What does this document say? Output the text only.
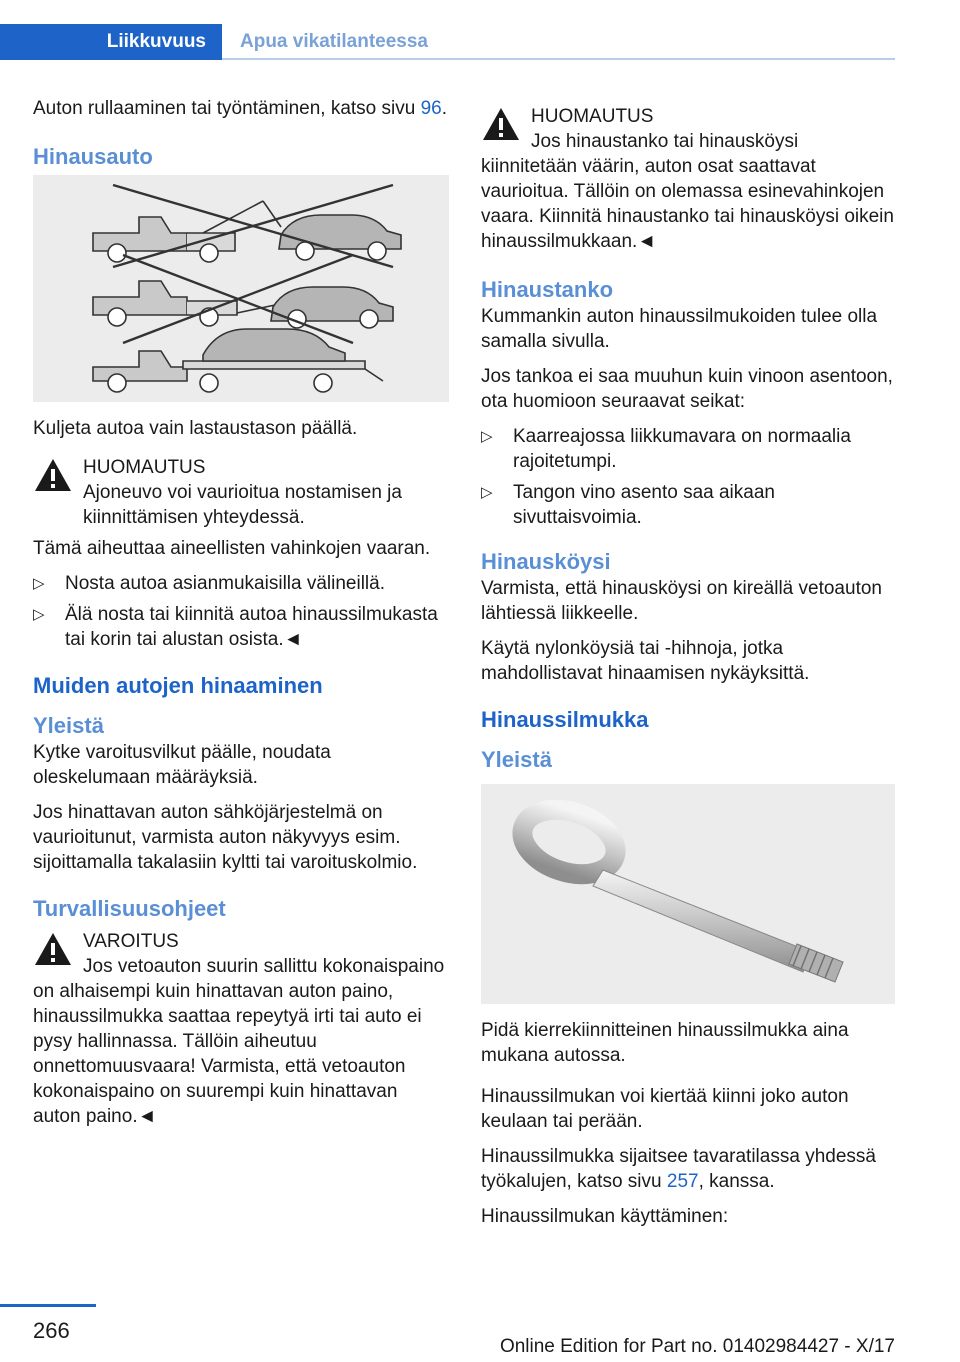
Liikkuvuus	Apua vikatilanteessa

Auton rullaaminen tai työntäminen, katso sivu 96.

Hinausauto

Kuljeta autoa vain lastaustason päällä.

HUOMAUTUS
Ajoneuvo voi vaurioitua nostamisen ja kiinnittämisen yhteydessä.

Tämä aiheuttaa aineellisten vahinkojen vaaran.

▷ Nosta autoa asianmukaisilla välineillä.
▷ Älä nosta tai kiinnitä autoa hinaussilmukasta tai korin tai alustan osista.◄
Muiden autojen hinaaminen
Yleistä

Kytke varoitusvilkut päälle, noudata oleskelumaan määräyksiä.

Jos hinattavan auton sähköjärjestelmä on vaurioitunut, varmista auton näkyvyys esim. sijoittamalla takalasiin kyltti tai varoituskolmio.

Turvallisuusohjeet
VAROITUS

Jos vetoauton suurin sallittu kokonaispaino on alhaisempi kuin hinattavan auton paino, hinaussilmukka saattaa repeytyä irti tai auto ei pysy hallinnassa. Tällöin aiheutuu onnettomuusvaara! Varmista, että vetoauton kokonaispaino on suurempi kuin hinattavan auton paino.◄

HUOMAUTUS

Jos hinaustanko tai hinausköysi kiinnitetään väärin, auton osat saattavat vaurioitua. Tällöin on olemassa esinevahinkojen vaara. Kiinnitä hinaustanko tai hinausköysi oikein hinaussilmukkaan.◄

Hinaustanko

Kummankin auton hinaussilmukoiden tulee olla samalla sivulla.

Jos tankoa ei saa muuhun kuin vinoon asentoon, ota huomioon seuraavat seikat:

▷ Kaarreajossa liikkumavara on normaalia rajoitetumpi.
▷ Tangon vino asento saa aikaan sivuttaisvoimia.
Hinausköysi

Varmista, että hinausköysi on kireällä vetoauton lähtiessä liikkeelle.

Käytä nylonköysiä tai -hihnoja, jotka mahdollistavat hinaamisen nykäyksittä.

Hinaussilmukka
Yleistä

Pidä kierrekiinnitteinen hinaussilmukka aina mukana autossa.

Hinaussilmukan voi kiertää kiinni joko auton keulaan tai perään.

Hinaussilmukka sijaitsee tavaratilassa yhdessä työkalujen, katso sivu 257, kanssa.

Hinaussilmukan käyttäminen:

266
Online Edition for Part no. 01402984427 - X/17
